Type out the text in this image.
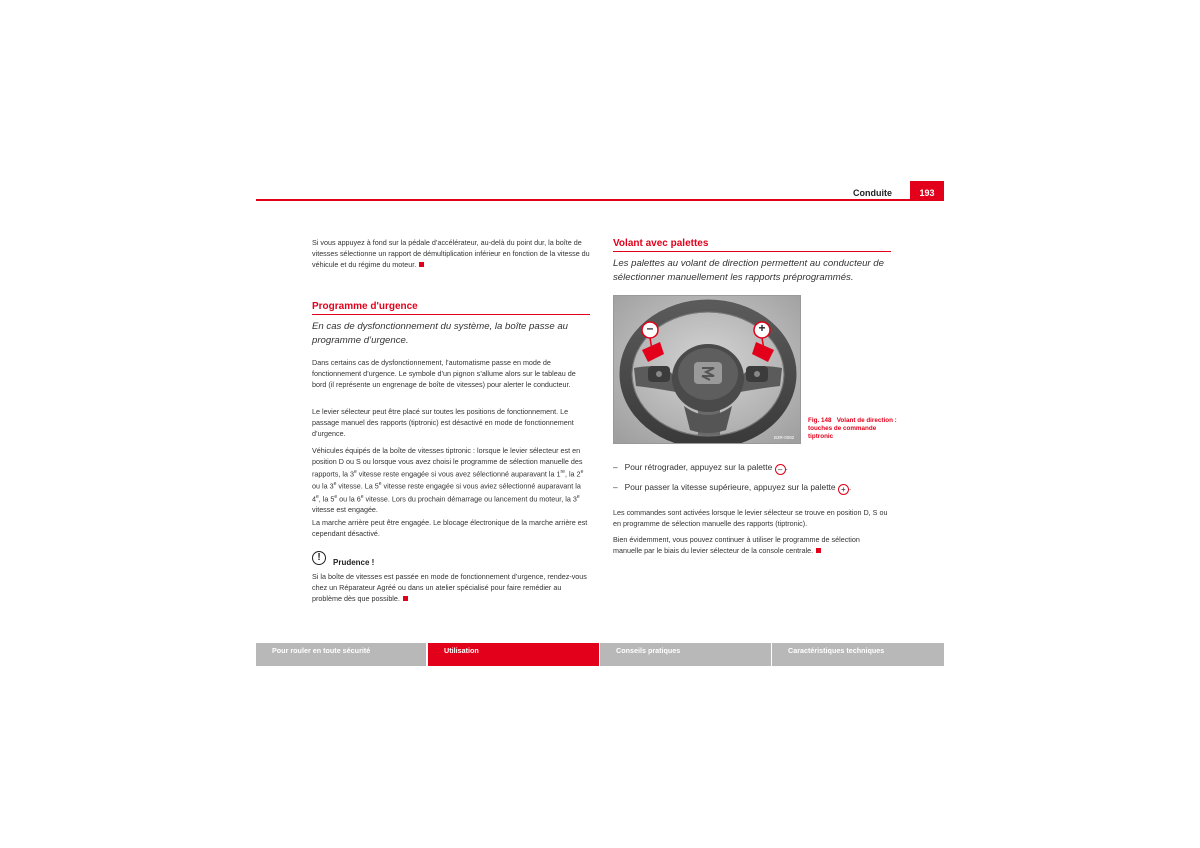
Conduite	193
Si vous appuyez à fond sur la pédale d’accélérateur, au-delà du point dur, la boîte de vitesses sélectionne un rapport de démultiplication inférieur en fonction de la vitesse du véhicule et du régime du moteur.
Programme d'urgence
En cas de dysfonctionnement du système, la boîte passe au programme d’urgence.
Dans certains cas de dysfonctionnement, l’automatisme passe en mode de fonctionnement d’urgence. Le symbole d’un pignon s’allume alors sur le tableau de bord (il représente un engrenage de boîte de vitesses) pour alerter le conducteur.
Le levier sélecteur peut être placé sur toutes les positions de fonctionnement. Le passage manuel des rapports (tiptronic) est désactivé en mode de fonctionnement d’urgence.
Véhicules équipés de la boîte de vitesses tiptronic : lorsque le levier sélecteur est en position D ou S ou lorsque vous avez choisi le programme de sélection manuelle des rapports, la 3e vitesse reste engagée si vous avez sélectionné auparavant la 1re, la 2e ou la 3e vitesse. La 5e vitesse reste engagée si vous aviez sélectionné auparavant la 4e, la 5e ou la 6e vitesse. Lors du prochain démarrage ou lancement du moteur, la 3e vitesse est engagée.
La marche arrière peut être engagée. Le blocage électronique de la marche arrière est cependant désactivé.
!	Prudence !
Si la boîte de vitesses est passée en mode de fonctionnement d’urgence, rendez-vous chez un Réparateur Agréé ou dans un atelier spécialisé pour faire remédier au problème dès que possible.
Volant avec palettes
Les palettes au volant de direction permettent au conducteur de sélectionner manuellement les rapports préprogrammés.
–	+
B3R-0082
Fig. 148 Volant de direction : touches de commande tiptronic
–   Pour rétrograder, appuyez sur la palette – .
–   Pour passer la vitesse supérieure, appuyez sur la palette + .
Les commandes sont activées lorsque le levier sélecteur se trouve en position D, S ou en programme de sélection manuelle des rapports (tiptronic).
Bien évidemment, vous pouvez continuer à utiliser le programme de sélection manuelle par le biais du levier sélecteur de la console centrale.
Pour rouler en toute sécurité	Utilisation	Conseils pratiques	Caractéristiques techniques
